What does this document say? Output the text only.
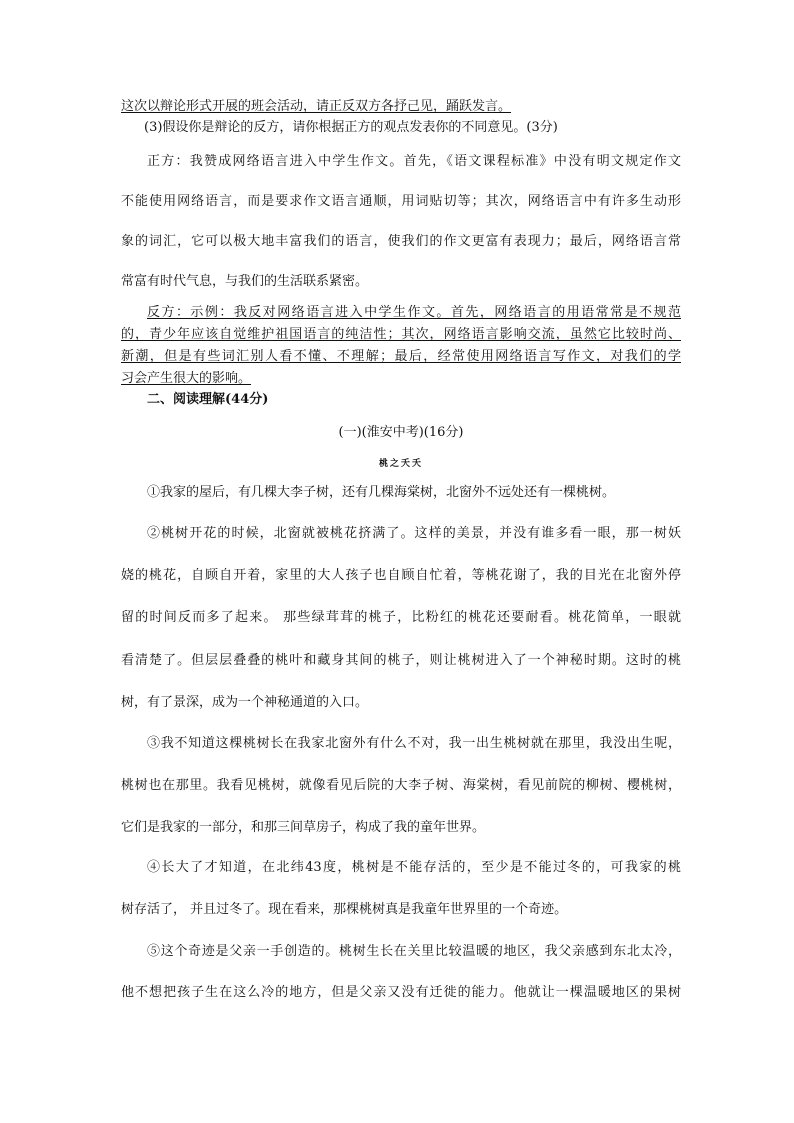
这次以辩论形式开展的班会活动，请正反双方各抒己见，踊跃发言。
(3)假设你是辩论的反方，请你根据正方的观点发表你的不同意见。(3分)
正方：我赞成网络语言进入中学生作文。首先，《语文课程标准》中没有明文规定作文
不能使用网络语言，而是要求作文语言通顺，用词贴切等；其次，网络语言中有许多生动形
象的词汇，它可以极大地丰富我们的语言，使我们的作文更富有表现力；最后，网络语言常
常富有时代气息，与我们的生活联系紧密。
反方：示例：我反对网络语言进入中学生作文。首先，网络语言的用语常常是不规范
的，青少年应该自觉维护祖国语言的纯洁性；其次，网络语言影响交流，虽然它比较时尚、
新潮，但是有些词汇别人看不懂、不理解；最后，经常使用网络语言写作文，对我们的学
习会产生很大的影响。
二、阅读理解(44分)
(一)(淮安中考)(16分)
桃之夭夭
①我家的屋后，有几棵大李子树，还有几棵海棠树，北窗外不远处还有一棵桃树。
②桃树开花的时候，北窗就被桃花挤满了。这样的美景，并没有谁多看一眼，那一树妖
娆的桃花，自顾自开着，家里的大人孩子也自顾自忙着，等桃花谢了，我的目光在北窗外停
留的时间反而多了起来。 那些绿茸茸的桃子，比粉红的桃花还要耐看。桃花简单，一眼就
看清楚了。但层层叠叠的桃叶和藏身其间的桃子，则让桃树进入了一个神秘时期。这时的桃
树，有了景深，成为一个神秘通道的入口。
③我不知道这棵桃树长在我家北窗外有什么不对，我一出生桃树就在那里，我没出生呢，
桃树也在那里。我看见桃树，就像看见后院的大李子树、海棠树，看见前院的柳树、樱桃树，
它们是我家的一部分，和那三间草房子，构成了我的童年世界。
④长大了才知道，在北纬43度，桃树是不能存活的，至少是不能过冬的，可我家的桃
树存活了， 并且过冬了。现在看来，那棵桃树真是我童年世界里的一个奇迹。
⑤这个奇迹是父亲一手创造的。桃树生长在关里比较温暖的地区，我父亲感到东北太冷，
他不想把孩子生在这么冷的地方，但是父亲又没有迁徙的能力。他就让一棵温暖地区的果树
